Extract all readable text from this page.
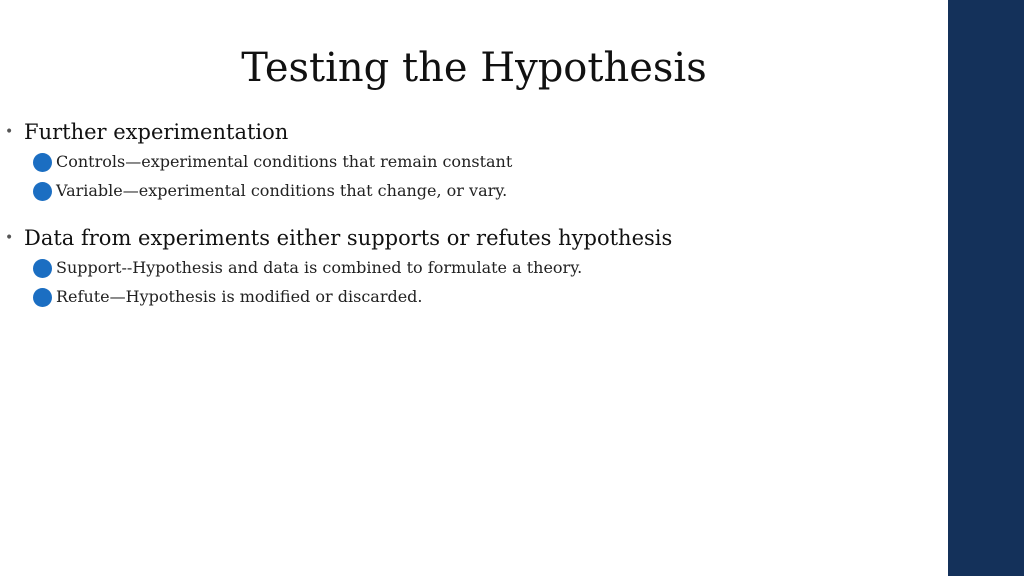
Testing the Hypothesis
• Further experimentation
Controls—experimental conditions that remain constant
Variable—experimental conditions that change, or vary.
• Data from experiments either supports or refutes hypothesis
Support--Hypothesis and data is combined to formulate a theory.
Refute—Hypothesis is modified or discarded.
